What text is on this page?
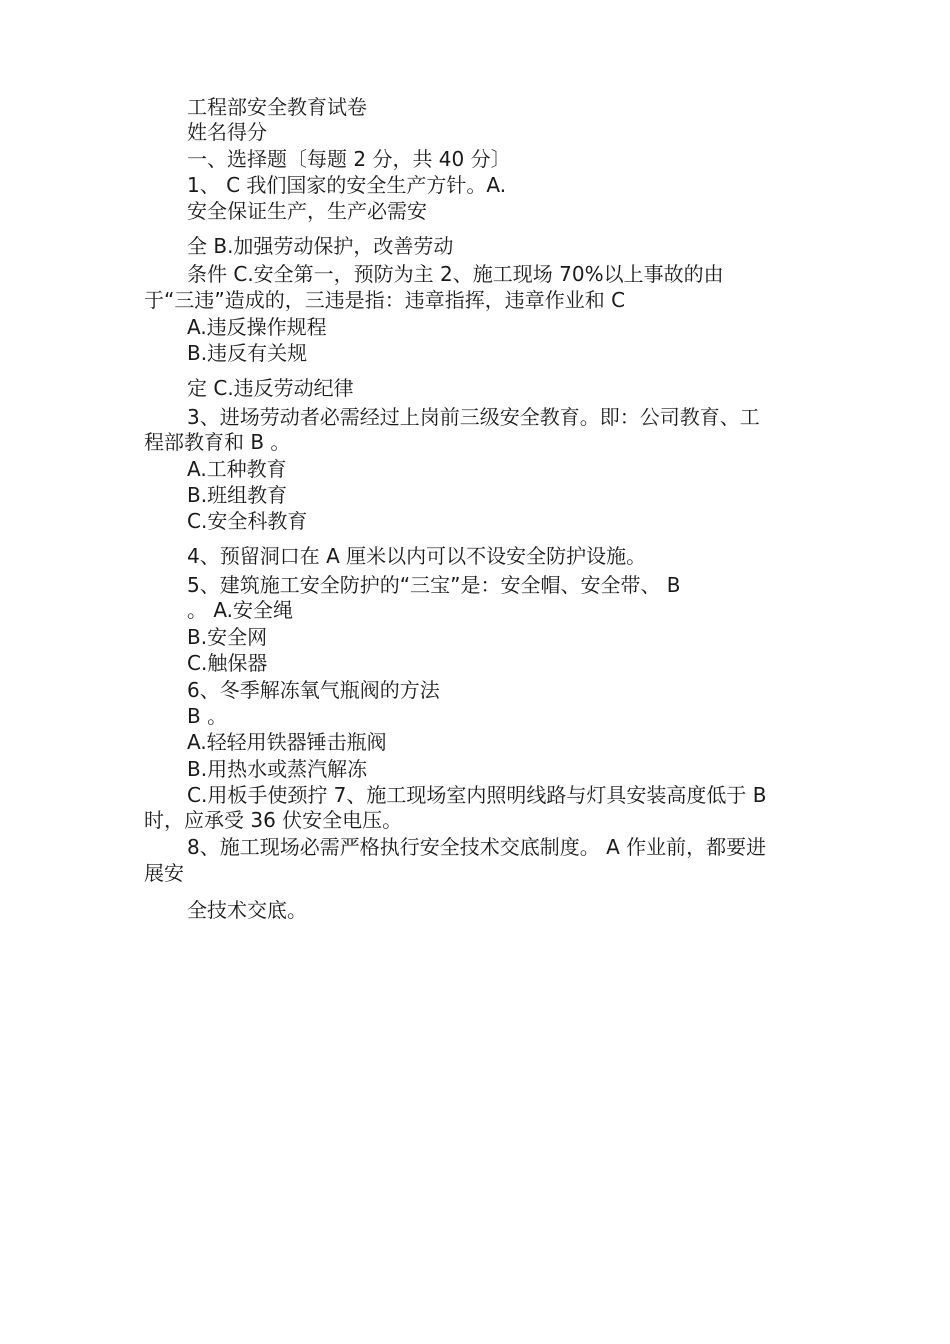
工程部安全教育试卷
姓名得分
一、选择题〔每题 2 分，共 40 分〕
1、 C 我们国家的安全生产方针。A.
安全保证生产，生产必需安
全 B.加强劳动保护，改善劳动
条件 C.安全第一，预防为主 2、施工现场 70%以上事故的由
于“三违”造成的，三违是指：违章指挥，违章作业和 C
A.违反操作规程
B.违反有关规
定 C.违反劳动纪律
3、进场劳动者必需经过上岗前三级安全教育。即：公司教育、工
程部教育和 B 。
A.工种教育
B.班组教育
C.安全科教育
4、预留洞口在 A 厘米以内可以不设安全防护设施。
5、建筑施工安全防护的“三宝”是：安全帽、安全带、 B
。 A.安全绳
B.安全网
C.触保器
6、冬季解冻氧气瓶阀的方法
B 。
A.轻轻用铁器锤击瓶阀
B.用热水或蒸汽解冻
C.用板手使颈拧 7、施工现场室内照明线路与灯具安装高度低于 B
时，应承受 36 伏安全电压。
8、施工现场必需严格执行安全技术交底制度。 A 作业前，都要进
展安
全技术交底。
